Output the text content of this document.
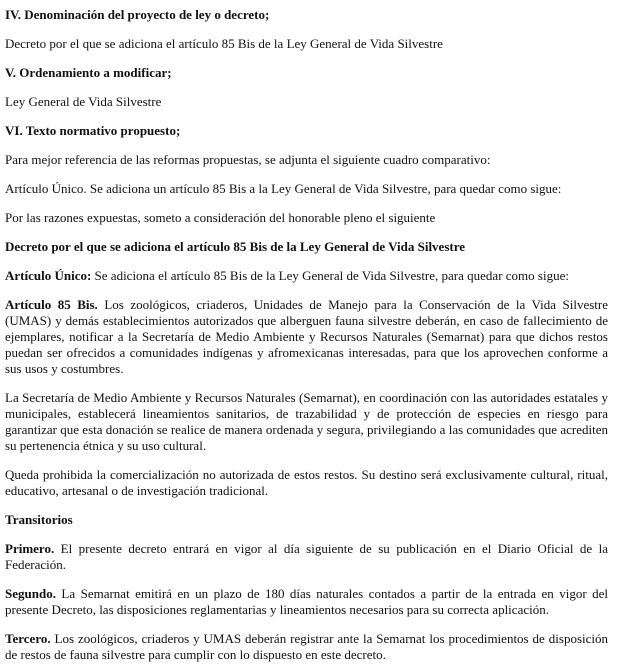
IV. Denominación del proyecto de ley o decreto;

Decreto por el que se adiciona el artículo 85 Bis de la Ley General de Vida Silvestre

V. Ordenamiento a modificar;

Ley General de Vida Silvestre

VI. Texto normativo propuesto;

Para mejor referencia de las reformas propuestas, se adjunta el siguiente cuadro comparativo:

Artículo Único. Se adiciona un artículo 85 Bis a la Ley General de Vida Silvestre, para quedar como sigue:

Por las razones expuestas, someto a consideración del honorable pleno el siguiente

Decreto por el que se adiciona el artículo 85 Bis de la Ley General de Vida Silvestre

Artículo Único: Se adiciona el artículo 85 Bis de la Ley General de Vida Silvestre, para quedar como sigue:

Artículo 85 Bis. Los zoológicos, criaderos, Unidades de Manejo para la Conservación de la Vida Silvestre (UMAS) y demás establecimientos autorizados que alberguen fauna silvestre deberán, en caso de fallecimiento de ejemplares, notificar a la Secretaría de Medio Ambiente y Recursos Naturales (Semarnat) para que dichos restos puedan ser ofrecidos a comunidades indígenas y afromexicanas interesadas, para que los aprovechen conforme a sus usos y costumbres.

La Secretaría de Medio Ambiente y Recursos Naturales (Semarnat), en coordinación con las autoridades estatales y municipales, establecerá lineamientos sanitarios, de trazabilidad y de protección de especies en riesgo para garantizar que esta donación se realice de manera ordenada y segura, privilegiando a las comunidades que acrediten su pertenencia étnica y su uso cultural.

Queda prohibida la comercialización no autorizada de estos restos. Su destino será exclusivamente cultural, ritual, educativo, artesanal o de investigación tradicional.

Transitorios

Primero. El presente decreto entrará en vigor al día siguiente de su publicación en el Diario Oficial de la Federación.

Segundo. La Semarnat emitirá en un plazo de 180 días naturales contados a partir de la entrada en vigor del presente Decreto, las disposiciones reglamentarias y lineamientos necesarios para su correcta aplicación.

Tercero. Los zoológicos, criaderos y UMAS deberán registrar ante la Semarnat los procedimientos de disposición de restos de fauna silvestre para cumplir con lo dispuesto en este decreto.
